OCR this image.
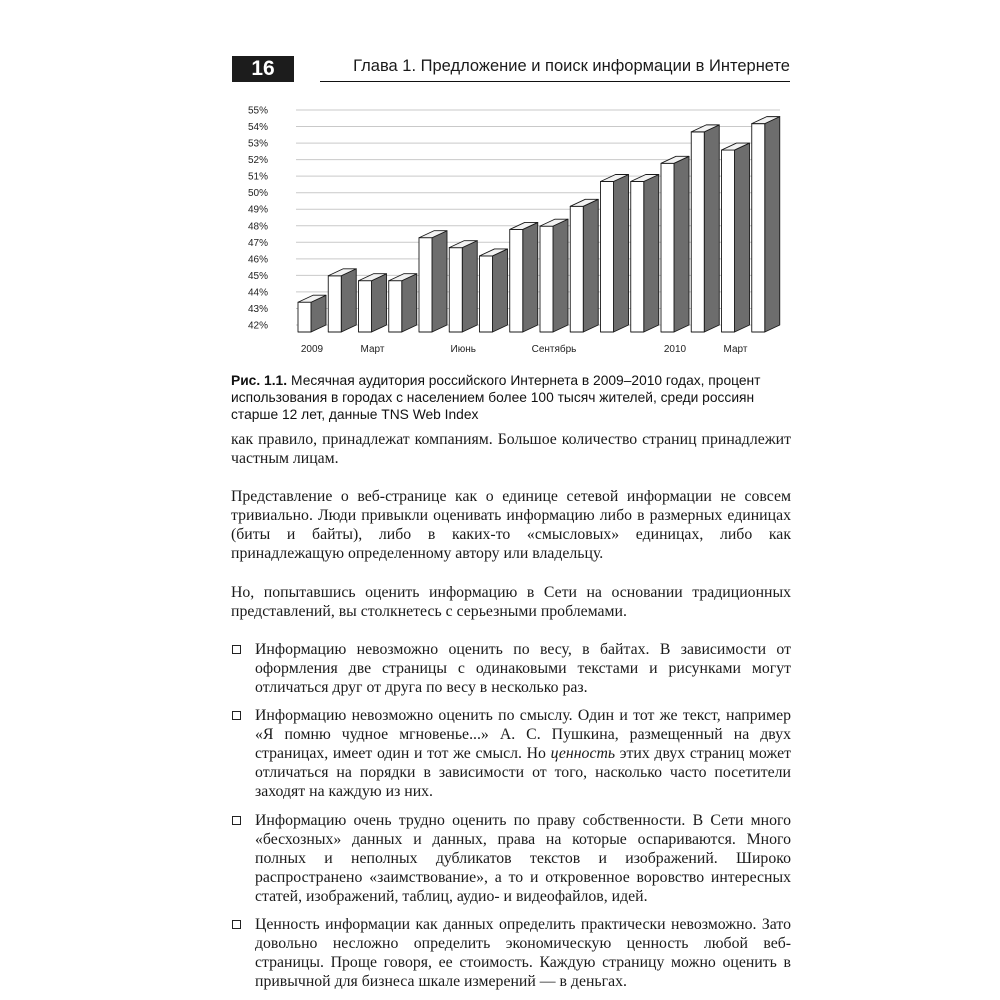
16	Глава 1. Предложение и поиск информации в Интернете
42%
43%
44%
45%
46%
47%
48%
49%
50%
51%
52%
53%
54%
55%
2009	Март	Июнь	Сентябрь	2010	Март
Рис. 1.1. Месячная аудитория российского Интернета в 2009–2010 годах, процент использования в городах с населением более 100 тысяч жителей, среди россиян старше 12 лет, данные TNS Web Index

как правило, принадлежат компаниям. Большое количество страниц принадлежит частным лицам.

Представление о веб-странице как о единице сетевой информации не совсем тривиально. Люди привыкли оценивать информацию либо в размерных единицах (биты и байты), либо в каких-то «смысловых» единицах, либо как принадлежащую определенному автору или владельцу.

Но, попытавшись оценить информацию в Сети на основании традиционных представлений, вы столкнетесь с серьезными проблемами.

Информацию невозможно оценить по весу, в байтах. В зависимости от оформления две страницы с одинаковыми текстами и рисунками могут отличаться друг от друга по весу в несколько раз.
Информацию невозможно оценить по смыслу. Один и тот же текст, например «Я помню чудное мгновенье...» А. С. Пушкина, размещенный на двух страницах, имеет один и тот же смысл. Но ценность этих двух страниц может отличаться на порядки в зависимости от того, насколько часто посетители заходят на каждую из них.
Информацию очень трудно оценить по праву собственности. В Сети много «бесхозных» данных и данных, права на которые оспариваются. Много полных и неполных дубликатов текстов и изображений. Широко распространено «заимствование», а то и откровенное воровство интересных статей, изображений, таблиц, аудио- и видеофайлов, идей.
Ценность информации как данных определить практически невозможно. Зато довольно несложно определить экономическую ценность любой веб-страницы. Проще говоря, ее стоимость. Каждую страницу можно оценить в привычной для бизнеса шкале измерений — в деньгах.
